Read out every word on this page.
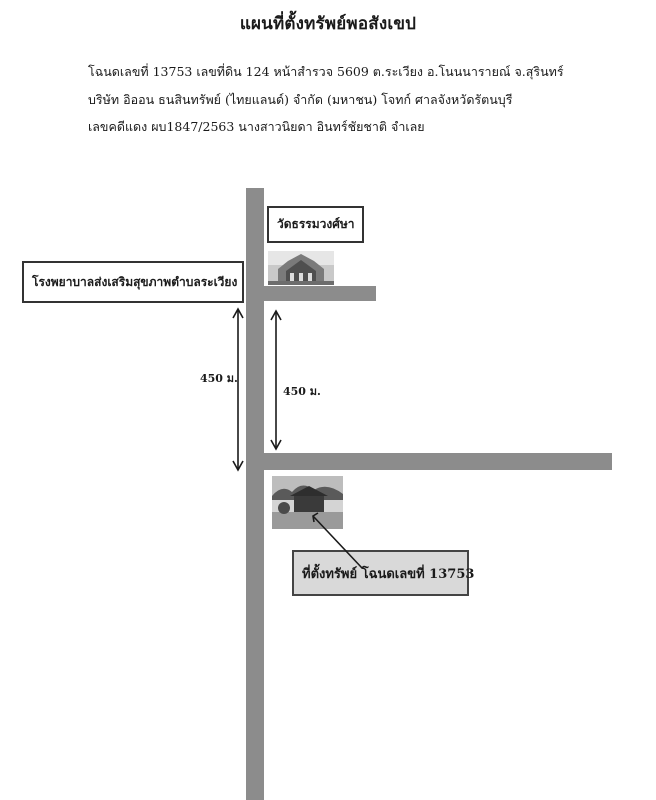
แผนที่ตั้งทรัพย์พอสังเขป
โฉนดเลขที่ 13753 เลขที่ดิน 124 หน้าสำรวจ 5609 ต.ระเวียง อ.โนนนารายณ์ จ.สุรินทร์
บริษัท อิออน ธนสินทรัพย์ (ไทยแลนด์) จำกัด (มหาชน) โจทก์ ศาลจังหวัดรัตนบุรี
เลขคดีแดง ผบ1847/2563 นางสาวนิยดา อินทร์ชัยชาติ จำเลย
วัดธรรมวงศ์ษา
โรงพยาบาลส่งเสริมสุขภาพตำบลระเวียง
450 ม.
450 ม.
ที่ตั้งทรัพย์ โฉนดเลขที่ 13753
